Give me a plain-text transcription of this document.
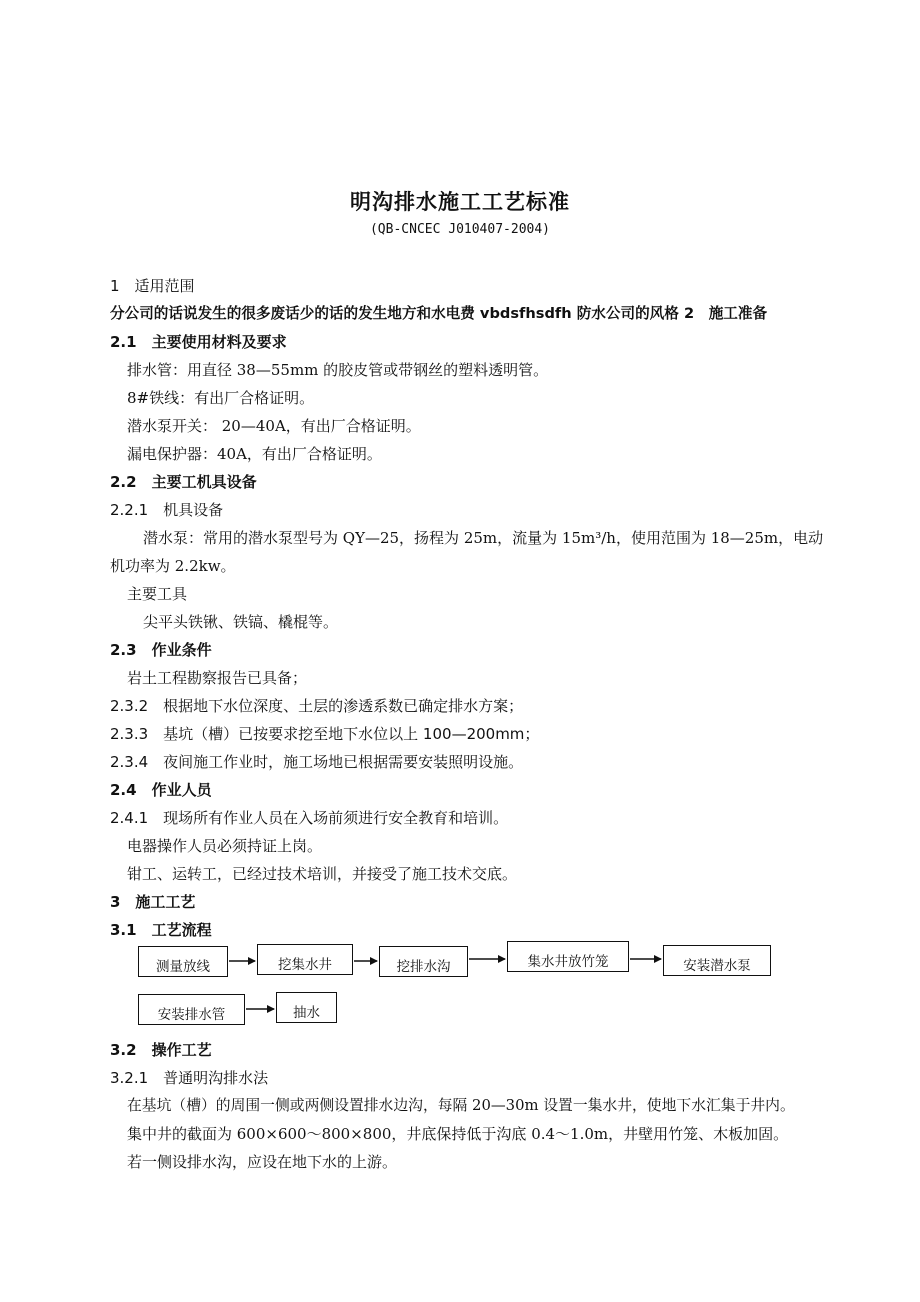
明沟排水施工工艺标准
(QB-CNCEC J010407-2004)
1　适用范围
分公司的话说发生的很多废话少的话的发生地方和水电费 vbdsfhsdfh 防水公司的风格 2　施工准备
2.1　主要使用材料及要求
排水管：用直径 38—55mm 的胶皮管或带钢丝的塑料透明管。
8#铁线：有出厂合格证明。
潜水泵开关： 20—40A，有出厂合格证明。
漏电保护器：40A，有出厂合格证明。
2.2　主要工机具设备
2.2.1　机具设备
潜水泵：常用的潜水泵型号为 QY—25，扬程为 25m，流量为 15m³/h，使用范围为 18—25m，电动
机功率为 2.2kw。
主要工具
尖平头铁锹、铁镐、橇棍等。
2.3　作业条件
岩土工程勘察报告已具备；
2.3.2　根据地下水位深度、土层的渗透系数已确定排水方案；
2.3.3　基坑（槽）已按要求挖至地下水位以上 100—200mm；
2.3.4　夜间施工作业时，施工场地已根据需要安装照明设施。
2.4　作业人员
2.4.1　现场所有作业人员在入场前须进行安全教育和培训。
电器操作人员必须持证上岗。
钳工、运转工，已经过技术培训，并接受了施工技术交底。
3　施工工艺
3.1　工艺流程
测量放线	挖集水井	挖排水沟	集水井放竹笼	安装潜水泵
安装排水管	抽水
3.2　操作工艺
3.2.1　普通明沟排水法
在基坑（槽）的周围一侧或两侧设置排水边沟，每隔 20—30m 设置一集水井，使地下水汇集于井内。
集中井的截面为 600×600～800×800，井底保持低于沟底 0.4～1.0m，井壁用竹笼、木板加固。
若一侧设排水沟，应设在地下水的上游。
